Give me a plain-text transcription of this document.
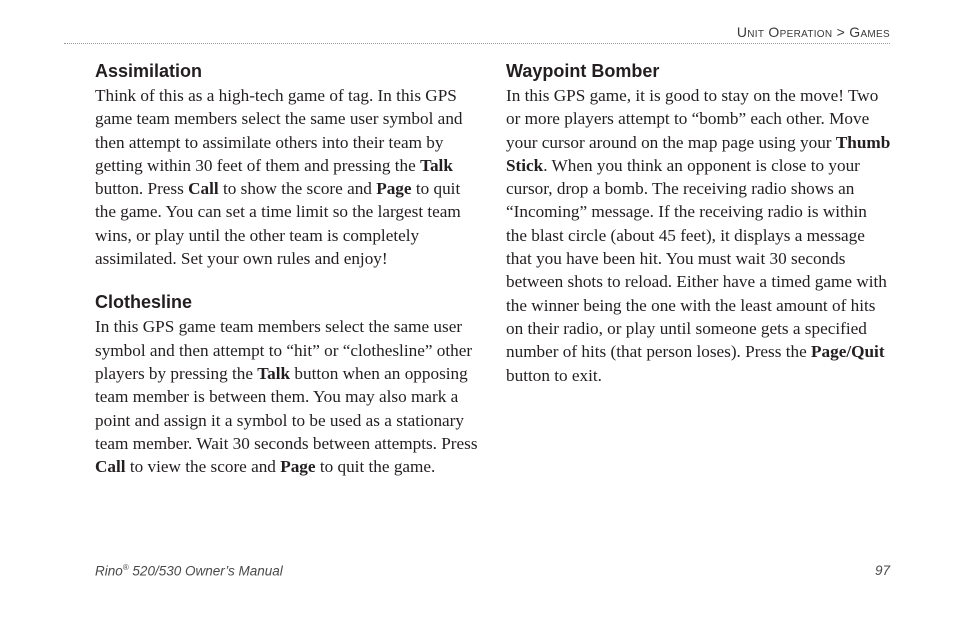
Unit Operation > Games
Assimilation

Think of this as a high-tech game of tag. In this GPS game team members select the same user symbol and then attempt to assimilate others into their team by getting within 30 feet of them and pressing the Talk button. Press Call to show the score and Page to quit the game. You can set a time limit so the largest team wins, or play until the other team is completely assimilated. Set your own rules and enjoy!

Clothesline

In this GPS game team members select the same user symbol and then attempt to “hit” or “clothesline” other players by pressing the Talk button when an opposing team member is between them. You may also mark a point and assign it a symbol to be used as a stationary team member. Wait 30 seconds between attempts. Press Call to view the score and Page to quit the game.

Waypoint Bomber

In this GPS game, it is good to stay on the move! Two or more players attempt to “bomb” each other. Move your cursor around on the map page using your Thumb Stick. When you think an opponent is close to your cursor, drop a bomb. The receiving radio shows an “Incoming” message. If the receiving radio is within the blast circle (about 45 feet), it displays a message that you have been hit. You must wait 30 seconds between shots to reload. Either have a timed game with the winner being the one with the least amount of hits on their radio, or play until someone gets a specified number of hits (that person loses). Press the Page/Quit button to exit.

Rino® 520/530 Owner’s Manual	97
